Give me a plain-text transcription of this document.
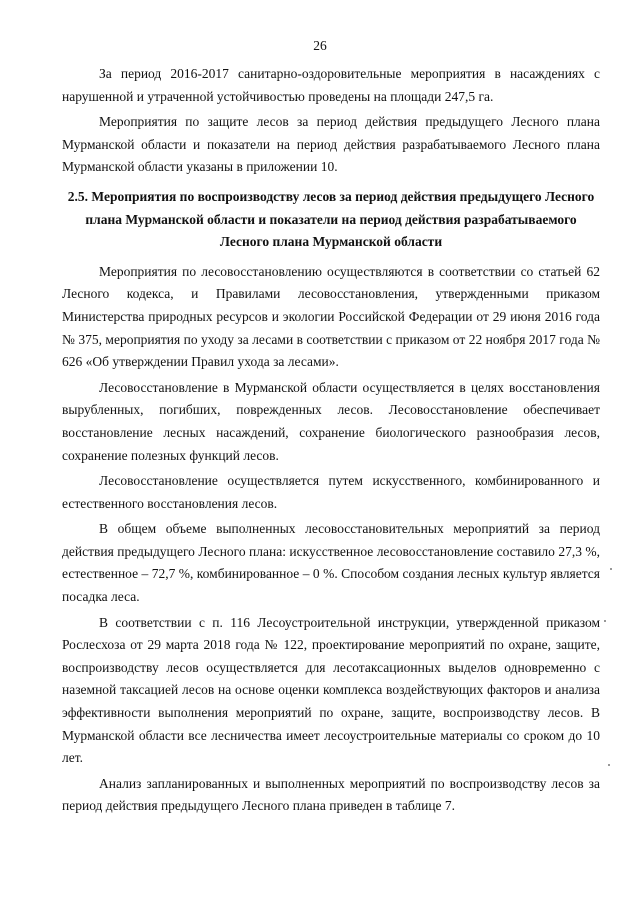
26

За период 2016-2017 санитарно-оздоровительные мероприятия в насаждениях с нарушенной и утраченной устойчивостью проведены на площади 247,5 га.

Мероприятия по защите лесов за период действия предыдущего Лесного плана Мурманской области и показатели на период действия разрабатываемого Лесного плана Мурманской области указаны в приложении 10.

2.5. Мероприятия по воспроизводству лесов за период действия предыдущего Лесного плана Мурманской области и показатели на период действия разрабатываемого Лесного плана Мурманской области

Мероприятия по лесовосстановлению осуществляются в соответствии со статьей 62 Лесного кодекса, и Правилами лесовосстановления, утвержденными приказом Министерства природных ресурсов и экологии Российской Федерации от 29 июня 2016 года № 375, мероприятия по уходу за лесами в соответствии с приказом от 22 ноября 2017 года № 626 «Об утверждении Правил ухода за лесами».

Лесовосстановление в Мурманской области осуществляется в целях восстановления вырубленных, погибших, поврежденных лесов. Лесовосстановление обеспечивает восстановление лесных насаждений, сохранение биологического разнообразия лесов, сохранение полезных функций лесов.

Лесовосстановление осуществляется путем искусственного, комбинированного и естественного восстановления лесов.

В общем объеме выполненных лесовосстановительных мероприятий за период действия предыдущего Лесного плана: искусственное лесовосстановление составило 27,3 %, естественное – 72,7 %, комбинированное – 0 %. Способом создания лесных культур является посадка леса.

В соответствии с п. 116 Лесоустроительной инструкции, утвержденной приказом Рослесхоза от 29 марта 2018 года № 122, проектирование мероприятий по охране, защите, воспроизводству лесов осуществляется для лесотаксационных выделов одновременно с наземной таксацией лесов на основе оценки комплекса воздействующих факторов и анализа эффективности выполнения мероприятий по охране, защите, воспроизводству лесов. В Мурманской области все лесничества имеет лесоустроительные материалы со сроком до 10 лет.

Анализ запланированных и выполненных мероприятий по воспроизводству лесов за период действия предыдущего Лесного плана приведен в таблице 7.
